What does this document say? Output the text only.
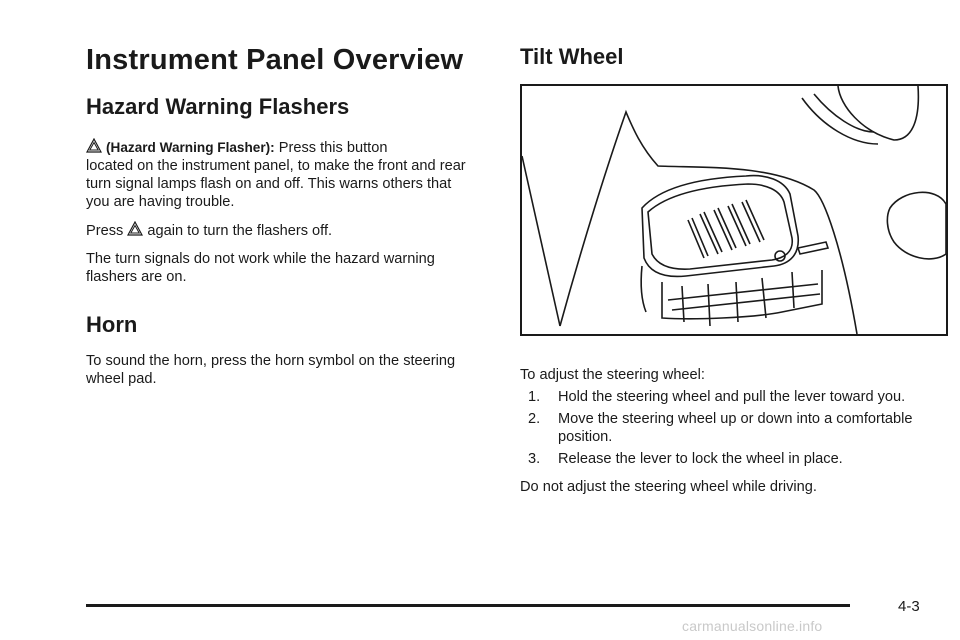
Instrument Panel Overview
Hazard Warning Flashers

(Hazard Warning Flasher): Press this button
located on the instrument panel, to make the front and rear turn signal lamps flash on and off. This warns others that you are having trouble.

Press again to turn the flashers off.

The turn signals do not work while the hazard warning flashers are on.

Horn

To sound the horn, press the horn symbol on the steering wheel pad.

Tilt Wheel

To adjust the steering wheel:

1. Hold the steering wheel and pull the lever toward you.
2. Move the steering wheel up or down into a comfortable position.
3. Release the lever to lock the wheel in place.

Do not adjust the steering wheel while driving.

4-3
carmanualsonline.info
